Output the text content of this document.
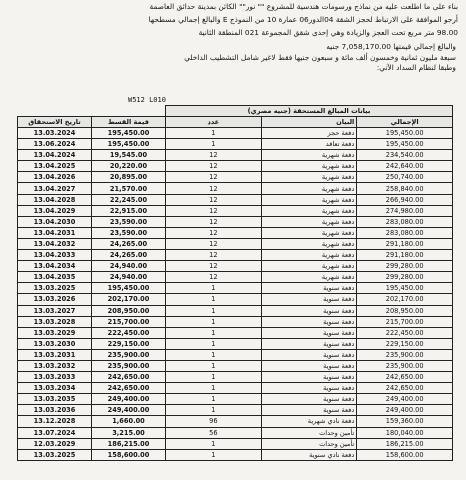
بناء على ما اطلعت عليه من نماذج ورسومات هندسية للمشروع "" نور"" الكائن بمدينة حدائق العاصمة
أرجو الموافقة على الارتباط لحجز الشقة 04الدور06 عمارة 10 من النموذج E والبالغ إجمالي مسطحها
98.00 متر مربع تحت العجز والزيادة وهي إحدى شقق المجموعة 021 المنطقة الثانية
والبالغ إجمالي قيمتها 7,058,170.00 جنيه
سبعة مليون ثمانية وخمسون ألف مائة و سبعون جنيها فقط لاغير شامل التشطيب الداخلي
وطبقا لنظام السداد الآتي:
W512 L010
		بيانات المبالغ المستحقة (جنيه مصري)		
تاريخ الاستحقاق	قيمة القسط	عدد	البيان	الإجمالي
13.03.2024	195,450.00	1	دفعة حجز	195,450.00
13.06.2024	195,450.00	1	دفعة تعاقد	195,450.00
13.04.2024	19,545.00	12	دفعة شهرية	234,540.00
13.04.2025	20,220.00	12	دفعة شهرية	242,640.00
13.04.2026	20,895.00	12	دفعة شهرية	250,740.00
13.04.2027	21,570.00	12	دفعة شهرية	258,840.00
13.04.2028	22,245.00	12	دفعة شهرية	266,940.00
13.04.2029	22,915.00	12	دفعة شهرية	274,980.00
13.04.2030	23,590.00	12	دفعة شهرية	283,080.00
13.04.2031	23,590.00	12	دفعة شهرية	283,080.00
13.04.2032	24,265.00	12	دفعة شهرية	291,180.00
13.04.2033	24,265.00	12	دفعة شهرية	291,180.00
13.04.2034	24,940.00	12	دفعة شهرية	299,280.00
13.04.2035	24,940.00	12	دفعة شهرية	299,280.00
13.03.2025	195,450.00	1	دفعة سنوية	195,450.00
13.03.2026	202,170.00	1	دفعة سنوية	202,170.00
13.03.2027	208,950.00	1	دفعة سنوية	208,950.00
13.03.2028	215,700.00	1	دفعة سنوية	215,700.00
13.03.2029	222,450.00	1	دفعة سنوية	222,450.00
13.03.2030	229,150.00	1	دفعة سنوية	229,150.00
13.03.2031	235,900.00	1	دفعة سنوية	235,900.00
13.03.2032	235,900.00	1	دفعة سنوية	235,900.00
13.03.2033	242,650.00	1	دفعة سنوية	242,650.00
13.03.2034	242,650.00	1	دفعة سنوية	242,650.00
13.03.2035	249,400.00	1	دفعة سنوية	249,400.00
13.03.2036	249,400.00	1	دفعة سنوية	249,400.00
13.12.2028	1,660.00	96	دفعة نادي شهرية	159,360.00
13.07.2024	3,215.00	56	تأمين وحدات	180,040.00
12.03.2029	186,215.00	1	تأمين وحدات	186,215.00
13.03.2025	158,600.00	1	دفعة نادي سنوية	158,600.00
